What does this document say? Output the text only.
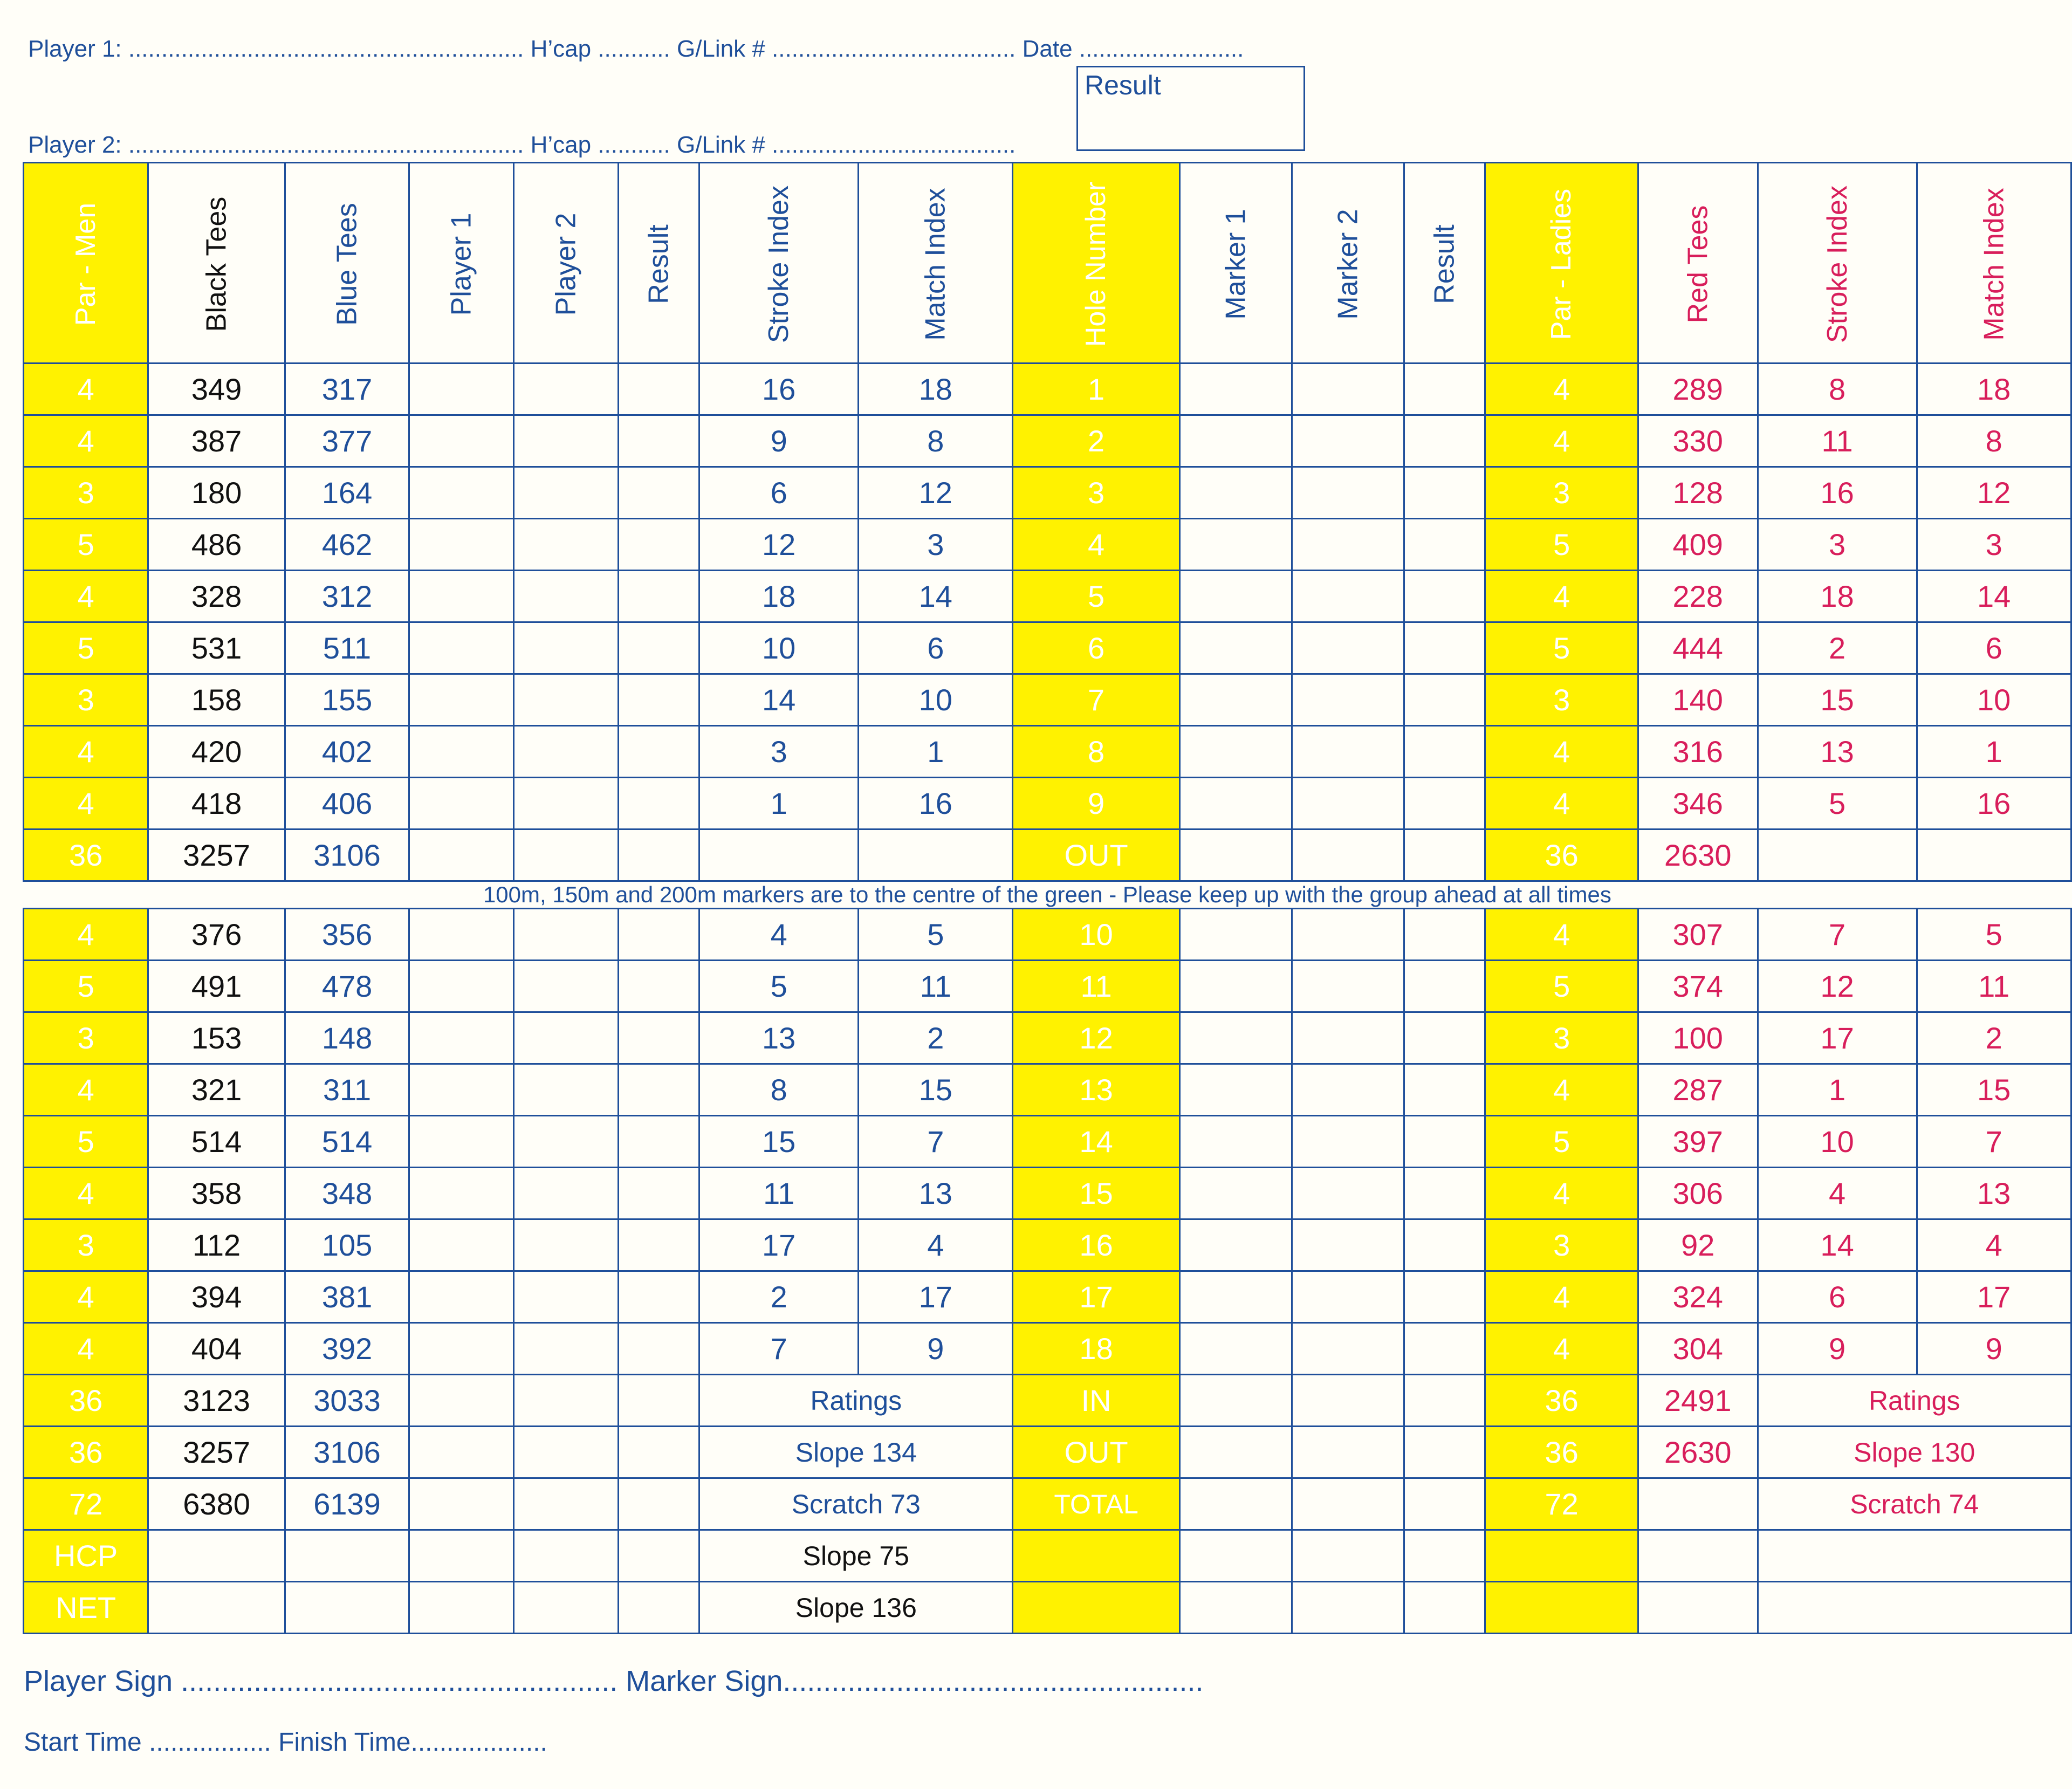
Player 1: ............................................................ H’cap ........... G/Link # ..................................... Date .........................
Player 2: ............................................................ H’cap ........... G/Link # .....................................
Result
Par - Men	Black Tees	Blue Tees	Player 1	Player 2	Result	Stroke Index	Match Index	Hole Number	Marker 1	Marker 2	Result	Par - Ladies	Red Tees	Stroke Index	Match Index
4	349	317				16	18	1				4	289	8	18
4	387	377				9	8	2				4	330	11	8
3	180	164				6	12	3				3	128	16	12
5	486	462				12	3	4				5	409	3	3
4	328	312				18	14	5				4	228	18	14
5	531	511				10	6	6				5	444	2	6
3	158	155				14	10	7				3	140	15	10
4	420	402				3	1	8				4	316	13	1
4	418	406				1	16	9				4	346	5	16
36	3257	3106						OUT				36	2630		
100m, 150m and 200m markers are to the centre of the green - Please keep up with the group ahead at all times															
4	376	356				4	5	10				4	307	7	5
5	491	478				5	11	11				5	374	12	11
3	153	148				13	2	12				3	100	17	2
4	321	311				8	15	13				4	287	1	15
5	514	514				15	7	14				5	397	10	7
4	358	348				11	13	15				4	306	4	13
3	112	105				17	4	16				3	92	14	4
4	394	381				2	17	17				4	324	6	17
4	404	392				7	9	18				4	304	9	9
36	3123	3033				Ratings		IN				36	2491	Ratings	
36	3257	3106				Slope 134		OUT				36	2630	Slope 130	
72	6380	6139				Scratch 73		TOTAL				72		Scratch 74	
HCP						Slope 75									
NET						Slope 136									
Player Sign ...................................................... Marker Sign....................................................
Start Time ................. Finish Time...................
